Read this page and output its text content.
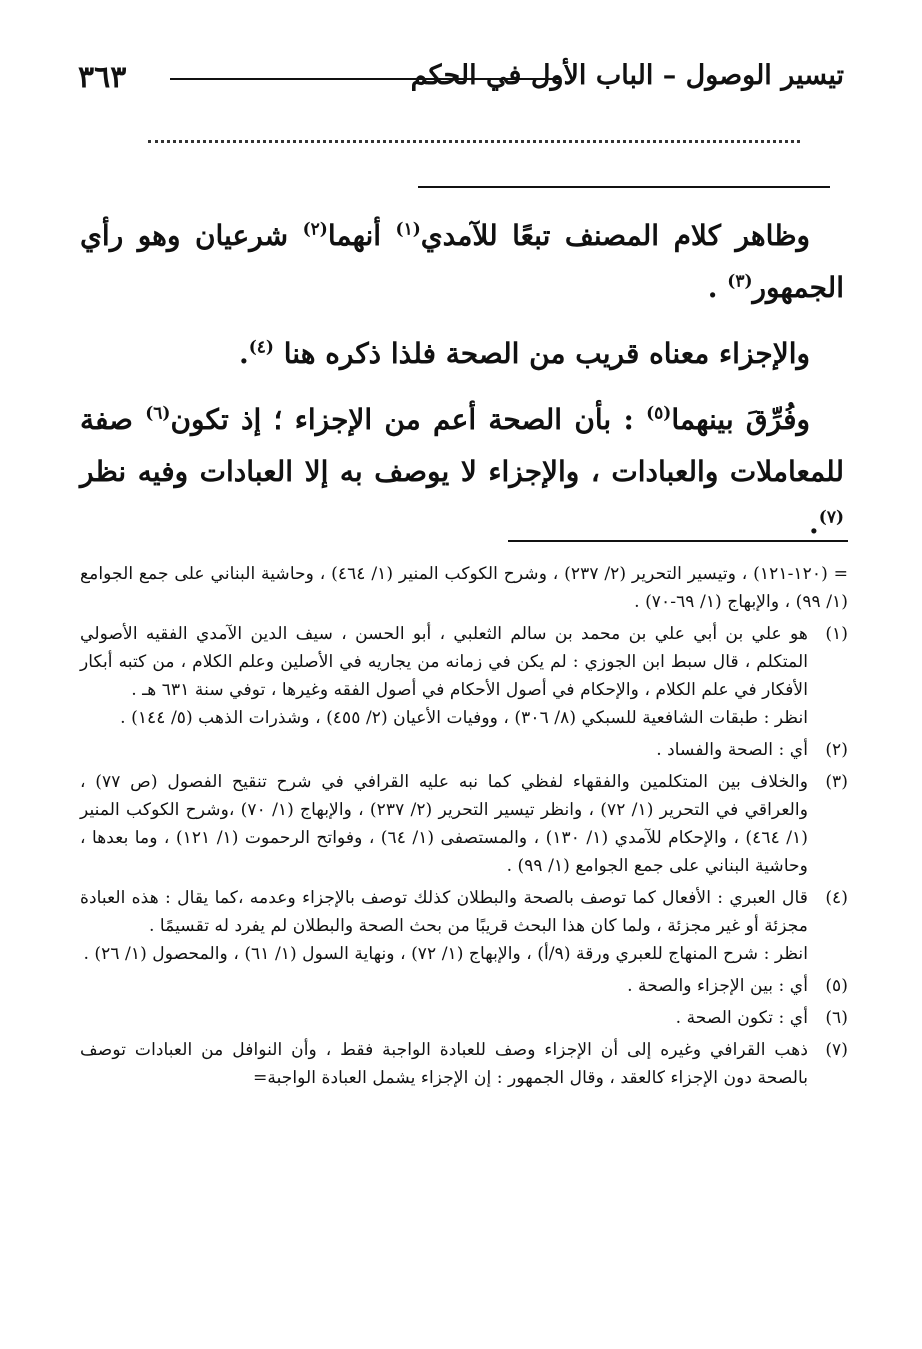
٣٦٣	تيسير الوصول – الباب الأول في الحكم

وظاهر كلام المصنف تبعًا للآمدي$^{(١)}$ أنهما$^{(٢)}$ شرعيان وهو رأي الجمهور$^{(٣)}$ .

والإجزاء معناه قريب من الصحة فلذا ذكره هنا $^{(٤)}$.

وفُرِّقَ بينهما$^{(٥)}$ : بأن الصحة أعم من الإجزاء ؛ إذ تكون$^{(٦)}$ صفة للمعاملات والعبادات ، والإجزاء لا يوصف به إلا العبادات وفيه نظر $^{(٧)}$.

= (١٢٠-١٢١) ، وتيسير التحرير (٢/ ٢٣٧) ، وشرح الكوكب المنير (١/ ٤٦٤) ، وحاشية البناني على جمع الجوامع (١/ ٩٩) ، والإبهاج (١/ ٦٩-٧٠) .
(١)
هو علي بن أبي علي بن محمد بن سالم الثعلبي ، أبو الحسن ، سيف الدين الآمدي الفقيه الأصولي المتكلم ، قال سبط ابن الجوزي : لم يكن في زمانه من يجاريه في الأصلين وعلم الكلام ، من كتبه أبكار الأفكار في علم الكلام ، والإحكام في أصول الأحكام في أصول الفقه وغيرها ، توفي سنة ٦٣١ هـ .
انظر : طبقات الشافعية للسبكي (٨/ ٣٠٦) ، ووفيات الأعيان (٢/ ٤٥٥) ، وشذرات الذهب (٥/ ١٤٤) .
(٢)
أي : الصحة والفساد .
(٣)
والخلاف بين المتكلمين والفقهاء لفظي كما نبه عليه القرافي في شرح تنقيح الفصول (ص ٧٧) ، والعراقي في التحرير (١/ ٧٢) ، وانظر تيسير التحرير (٢/ ٢٣٧) ، والإبهاج (١/ ٧٠) ،وشرح الكوكب المنير (١/ ٤٦٤) ، والإحكام للآمدي (١/ ١٣٠) ، والمستصفى (١/ ٦٤) ، وفواتح الرحموت (١/ ١٢١) ، وما بعدها ، وحاشية البناني على جمع الجوامع (١/ ٩٩) .
(٤)
قال العبري : الأفعال كما توصف بالصحة والبطلان كذلك توصف بالإجزاء وعدمه ،كما يقال : هذه العبادة مجزئة أو غير مجزئة ، ولما كان هذا البحث قريبًا من بحث الصحة والبطلان لم يفرد له تقسيمًا .
انظر : شرح المنهاج للعبري ورقة (٩/أ) ، والإبهاج (١/ ٧٢) ، ونهاية السول (١/ ٦١) ، والمحصول (١/ ٢٦) .
(٥)
أي : بين الإجزاء والصحة .
(٦)
أي : تكون الصحة .
(٧)
ذهب القرافي وغيره إلى أن الإجزاء وصف للعبادة الواجبة فقط ، وأن النوافل من العبادات توصف بالصحة دون الإجزاء كالعقد ، وقال الجمهور : إن الإجزاء يشمل العبادة الواجبة=
